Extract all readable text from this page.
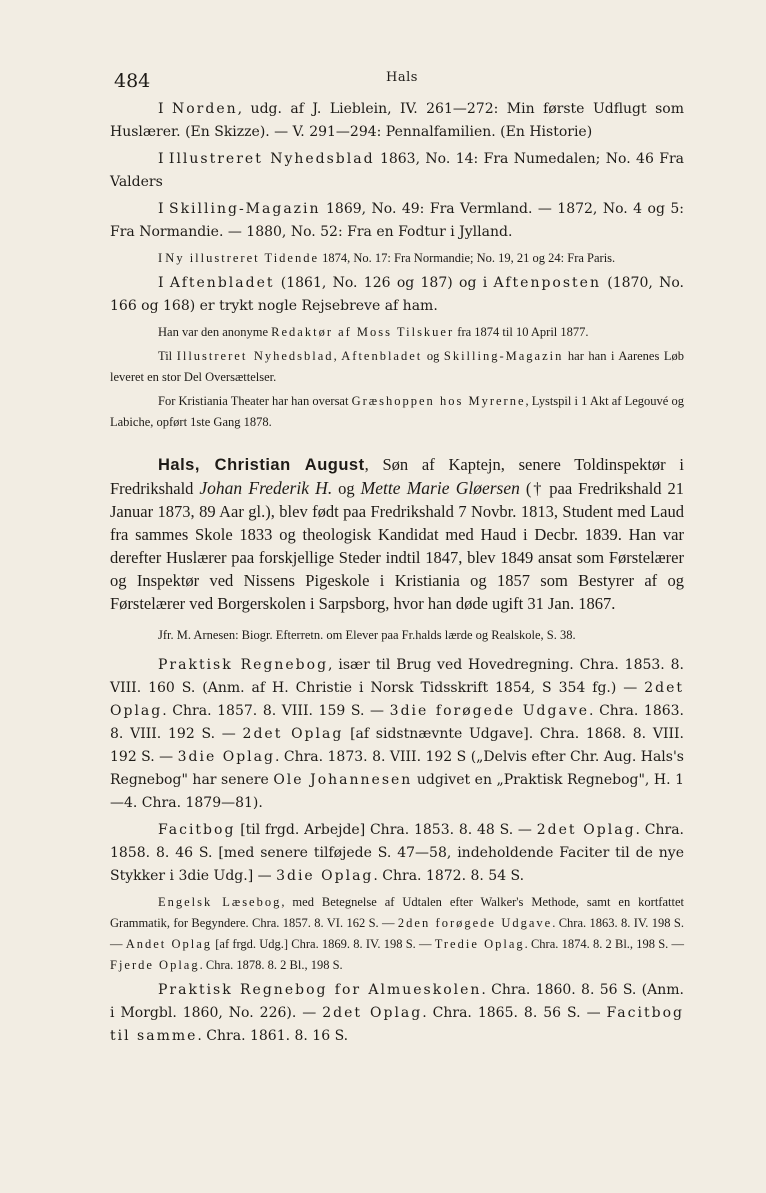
484	Hals

I Norden, udg. af J. Lieblein, IV. 261—272: Min første Udflugt som Huslærer. (En Skizze). — V. 291—294: Pennalfamilien. (En Historie)

I Illustreret Nyhedsblad 1863, No. 14: Fra Numedalen; No. 46 Fra Valders

I Skilling-Magazin 1869, No. 49: Fra Vermland. — 1872, No. 4 og 5: Fra Normandie. — 1880, No. 52: Fra en Fodtur i Jylland.

I Ny illustreret Tidende 1874, No. 17: Fra Normandie; No. 19, 21 og 24: Fra Paris.

I Aftenbladet (1861, No. 126 og 187) og i Aftenposten (1870, No. 166 og 168) er trykt nogle Rejsebreve af ham.

Han var den anonyme Redaktør af Moss Tilskuer fra 1874 til 10 April 1877.

Til Illustreret Nyhedsblad, Aftenbladet og Skilling-Magazin har han i Aarenes Løb leveret en stor Del Oversættelser.

For Kristiania Theater har han oversat Græshoppen hos Myrerne, Lystspil i 1 Akt af Legouvé og Labiche, opført 1ste Gang 1878.

Hals, Christian August, Søn af Kaptejn, senere Toldinspektør i Fredrikshald Johan Frederik H. og Mette Marie Gløersen († paa Fredrikshald 21 Januar 1873, 89 Aar gl.), blev født paa Fredrikshald 7 Novbr. 1813, Student med Laud fra sammes Skole 1833 og theologisk Kandidat med Haud i Decbr. 1839. Han var derefter Huslærer paa forskjellige Steder indtil 1847, blev 1849 ansat som Førstelærer og Inspektør ved Nissens Pigeskole i Kristiania og 1857 som Bestyrer af og Førstelærer ved Borgerskolen i Sarpsborg, hvor han døde ugift 31 Jan. 1867.

Jfr. M. Arnesen: Biogr. Efterretn. om Elever paa Fr.halds lærde og Realskole, S. 38.

Praktisk Regnebog, især til Brug ved Hovedregning. Chra. 1853. 8. VIII. 160 S. (Anm. af H. Christie i Norsk Tidsskrift 1854, S 354 fg.) — 2det Oplag. Chra. 1857. 8. VIII. 159 S. — 3die forøgede Udgave. Chra. 1863. 8. VIII. 192 S. — 2det Oplag [af sidstnævnte Udgave]. Chra. 1868. 8. VIII. 192 S. — 3die Oplag. Chra. 1873. 8. VIII. 192 S („Delvis efter Chr. Aug. Hals's Regnebog" har senere Ole Johannesen udgivet en „Praktisk Regnebog", H. 1—4. Chra. 1879—81).

Facitbog [til frgd. Arbejde] Chra. 1853. 8. 48 S. — 2det Oplag. Chra. 1858. 8. 46 S. [med senere tilføjede S. 47—58, indeholdende Faciter til de nye Stykker i 3die Udg.] — 3die Oplag. Chra. 1872. 8. 54 S.

Engelsk Læsebog, med Betegnelse af Udtalen efter Walker's Methode, samt en kortfattet Grammatik, for Begyndere. Chra. 1857. 8. VI. 162 S. — 2den forøgede Udgave. Chra. 1863. 8. IV. 198 S. — Andet Oplag [af frgd. Udg.] Chra. 1869. 8. IV. 198 S. — Tredie Oplag. Chra. 1874. 8. 2 Bl., 198 S. — Fjerde Oplag. Chra. 1878. 8. 2 Bl., 198 S.

Praktisk Regnebog for Almueskolen. Chra. 1860. 8. 56 S. (Anm. i Morgbl. 1860, No. 226). — 2det Oplag. Chra. 1865. 8. 56 S. — Facitbog til samme. Chra. 1861. 8. 16 S.
